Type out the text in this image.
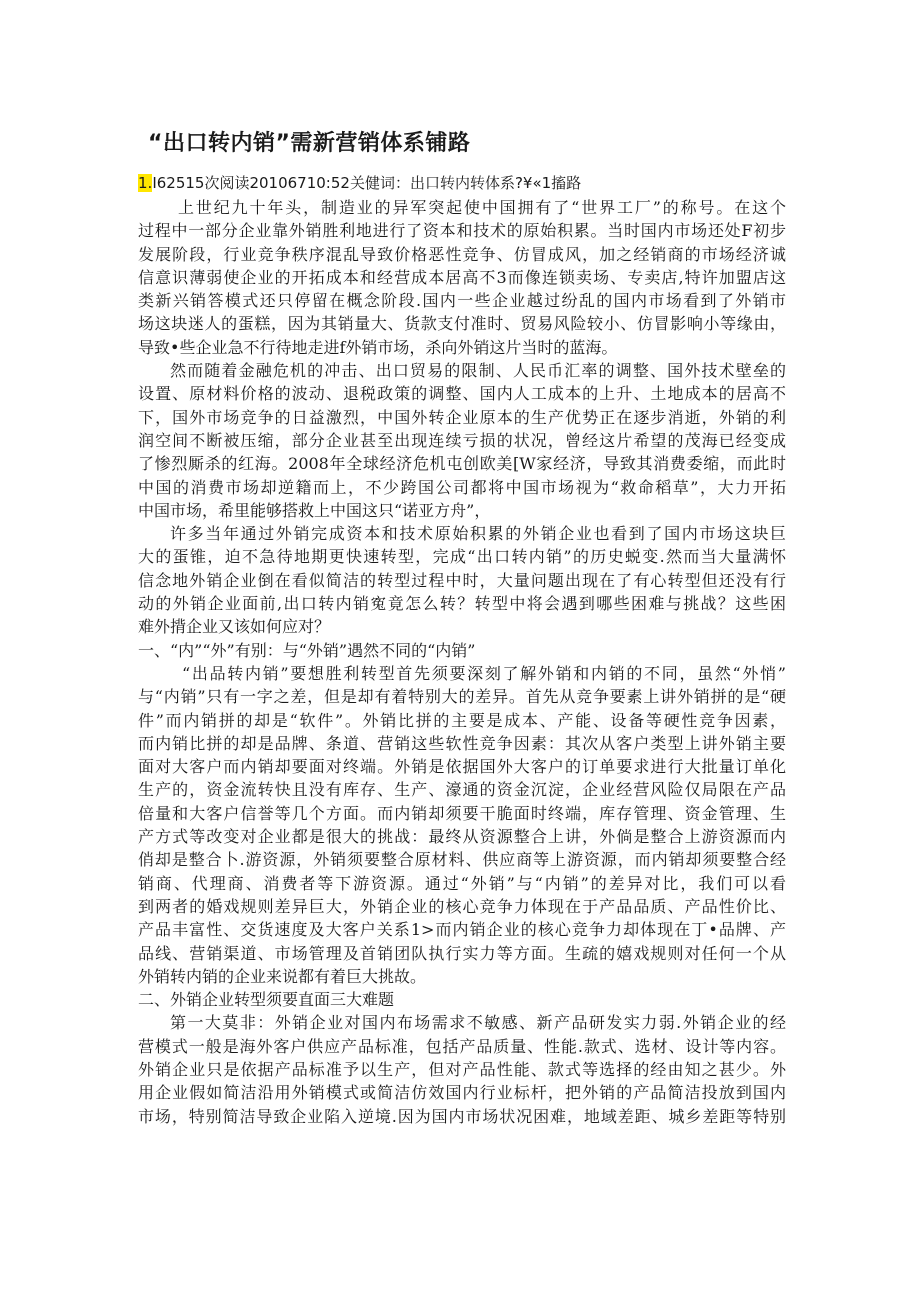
“出口转内销”需新营销体系铺路
1.I62515次阅读20106710:52关健词：出口转内转体系?¥«1搐路
上世纪九十年头，制造业的异军突起使中国拥有了“世界工厂”的称号。在这个
过程中一部分企业靠外销胜利地进行了资本和技术的原始积累。当时国内市场还处F初步
发展阶段，行业竞争秩序混乱导致价格恶性竞争、仿冒成风，加之经销商的市场经济诚
信意识薄弱使企业的开拓成本和经营成本居高不3而像连锁卖场、专卖店,特许加盟店这
类新兴销答模式还只停留在概念阶段.国内一些企业越过纷乱的国内市场看到了外销市
场这块迷人的蛋糕，因为其销量大、货款支付准时、贸易风险较小、仿冒影响小等缘由，
导致•些企业急不行待地走进f外销市场，杀向外销这片当时的蓝海。
然而随着金融危机的冲击、出口贸易的限制、人民币汇率的调整、国外技术壁垒的
设置、原材料价格的波动、退税政策的调整、国内人工成本的上升、土地成本的居高不
下，国外市场竞争的日益激烈，中国外转企业原本的生产优势正在逐步消逝，外销的利
润空间不断被压缩，部分企业甚至出现连续亏损的状况，曾经这片希望的茂海已经变成
了惨烈厮杀的红海。2008年全球经济危机屯创欧美[W家经济，导致其消费委缩，而此时
中国的消费市场却逆籍而上，不少跨国公司都将中国市场视为“救命稻草”，大力开拓
中国市场，希里能够搭救上中国这只“诺亚方舟”，
许多当年通过外销完成资本和技术原始积累的外销企业也看到了国内市场这块巨
大的蛋锥，迫不急待地期更快速转型，完成“出口转内销”的历史蜕变.然而当大量满怀
信念地外销企业倒在看似简洁的转型过程中时，大量问题出现在了有心转型但还没有行
动的外销企业面前,出口转内销寃竟怎么转？转型中将会遇到哪些困难与挑战？这些困
难外揹企业又该如何应对？
一、“内”“外”有别：与“外销”遇然不同的“内销”
“出品转内销”要想胜利转型首先须要深刻了解外销和内销的不同，虽然“外悄”
与“内销”只有一字之差，但是却有着特别大的差异。首先从竞争要素上讲外销拼的是“硬
件”而内销拼的却是“软件”。外销比拼的主要是成本、产能、设备等硬性竞争因素，
而内销比拼的却是品牌、条道、营销这些软性竞争因素：其次从客户类型上讲外销主要
面对大客户而内销却要面对终端。外销是依据国外大客户的订单要求进行大批量订单化
生产的，资金流转快且没有库存、生产、濠通的资金沉淀，企业经营风险仅局限在产品
倍量和大客户信誉等几个方面。而内销却须要干脆面时终端，库存管理、资金管理、生
产方式等改变对企业都是很大的挑战：最终从资源整合上讲，外倘是整合上游资源而内
俏却是整合卜.游资源，外销须要整合原材料、供应商等上游资源，而内销却须要整合经
销商、代理商、消费者等下游资源。通过“外销”与“内销”的差异对比，我们可以看
到两者的婚戏规则差异巨大，外销企业的核心竞争力体现在于产品品质、产品性价比、
产品丰富性、交货速度及大客户关系1>而内销企业的核心竞争力却体现在丁•品牌、产
品线、营销渠道、市场管理及首销团队执行实力等方面。生疏的嬉戏规则对任何一个从
外销转内销的企业来说都有着巨大挑故。
二、外销企业转型须要直面三大难题
第一大莫非：外销企业对国内布场需求不敏感、新产品研发实力弱.外销企业的经
营模式一般是海外客户供应产品标准，包括产品质量、性能.款式、选材、设计等内容。
外销企业只是依据产品标准予以生产，但对产品性能、款式等选择的经由知之甚少。外
用企业假如简洁沿用外销模式或简洁仿效国内行业标杆，把外销的产品简洁投放到国内
市场，特别简洁导致企业陷入逆境.因为国内市场状况困难，地域差距、城乡差距等特别
